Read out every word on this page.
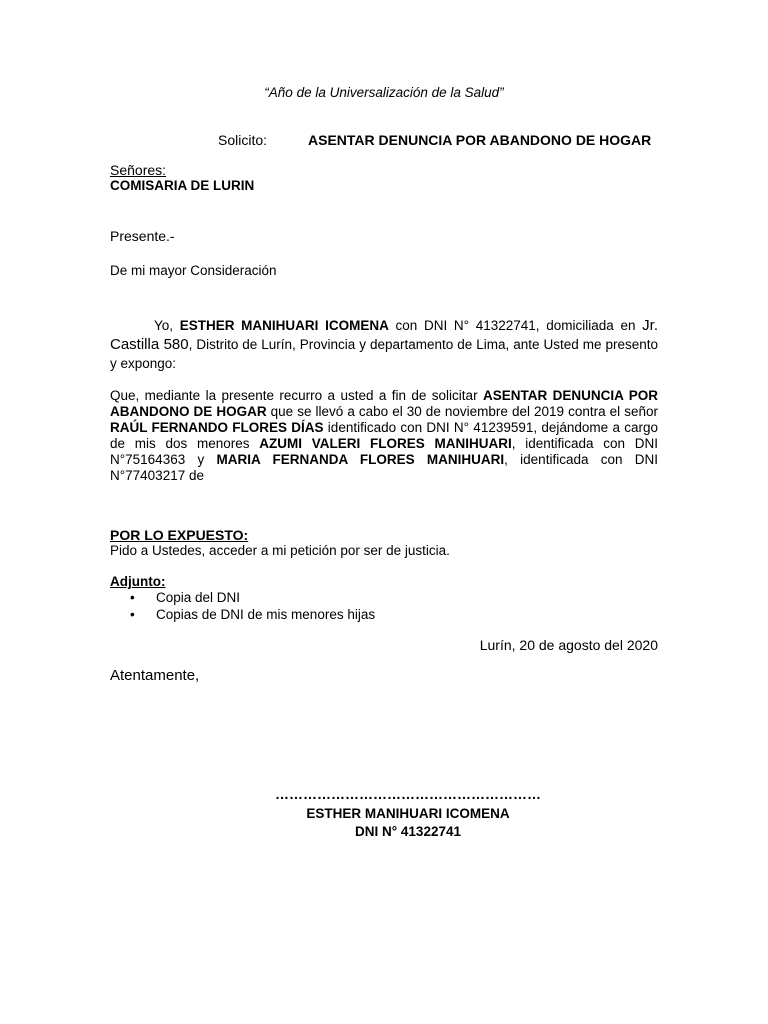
“Año de la Universalización de la Salud”
Solicito:	ASENTAR DENUNCIA POR ABANDONO DE HOGAR
Señores:
COMISARIA DE LURIN
Presente.-
De mi mayor Consideración
Yo, ESTHER MANIHUARI ICOMENA con DNI N° 41322741, domiciliada en Jr. Castilla 580, Distrito de Lurín, Provincia y departamento de Lima, ante Usted me presento y expongo:
Que, mediante la presente recurro a usted a fin de solicitar ASENTAR DENUNCIA POR ABANDONO DE HOGAR que se llevó a cabo el 30 de noviembre del 2019 contra el señor RAÚL FERNANDO FLORES DÍAS identificado con DNI N° 41239591, dejándome a cargo de mis dos menores AZUMI VALERI FLORES MANIHUARI, identificada con DNI N°75164363 y MARIA FERNANDA FLORES MANIHUARI, identificada con DNI N°77403217 de
POR LO EXPUESTO:
Pido a Ustedes, acceder a mi petición por ser de justicia.
Adjunto:
• Copia del DNI
• Copias de DNI de mis menores hijas
Lurín, 20 de agosto del 2020
Atentamente,
…………………………………………………
ESTHER MANIHUARI ICOMENA
DNI N° 41322741
